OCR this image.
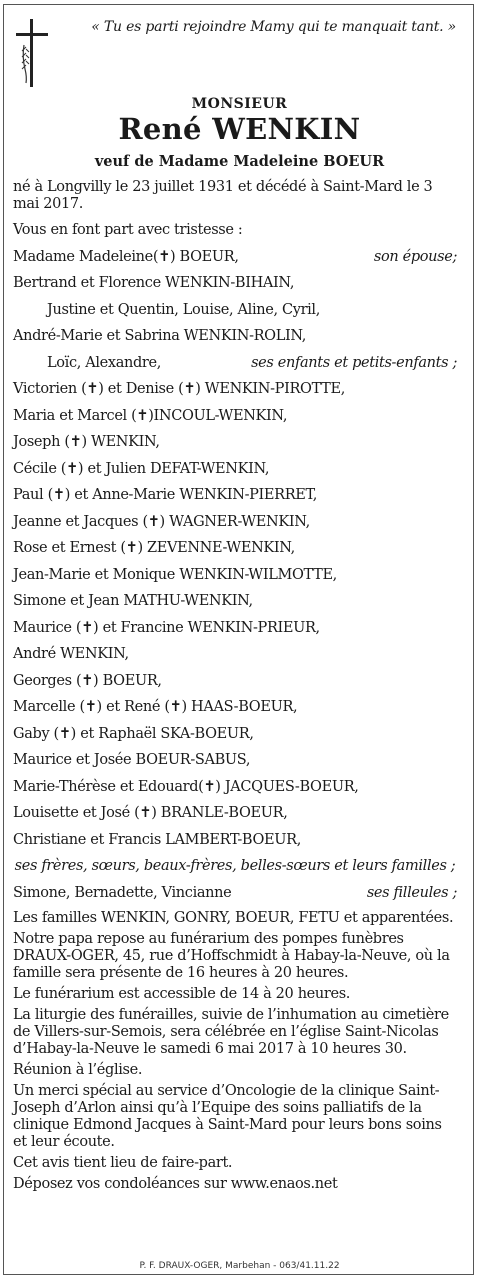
« Tu es parti rejoindre Mamy qui te manquait tant. »
MONSIEUR
René WENKIN
veuf de Madame Madeleine BOEUR

né à Longvilly le 23 juillet 1931 et décédé à Saint-Mard le 3 mai 2017.

Vous en font part avec tristesse :
Madame Madeleine(✝) BOEUR,	son épouse;
Bertrand et Florence WENKIN-BIHAIN,
Justine et Quentin, Louise, Aline, Cyril,
André-Marie et Sabrina WENKIN-ROLIN,
Loïc, Alexandre,	ses enfants et petits-enfants ;
Victorien (✝) et Denise (✝) WENKIN-PIROTTE,
Maria et Marcel (✝)INCOUL-WENKIN,
Joseph (✝) WENKIN,
Cécile (✝) et Julien DEFAT-WENKIN,
Paul (✝) et Anne-Marie WENKIN-PIERRET,
Jeanne et Jacques (✝) WAGNER-WENKIN,
Rose et Ernest (✝) ZEVENNE-WENKIN,
Jean-Marie et Monique WENKIN-WILMOTTE,
Simone et Jean MATHU-WENKIN,
Maurice (✝) et Francine WENKIN-PRIEUR,
André WENKIN,
Georges (✝) BOEUR,
Marcelle (✝) et René (✝) HAAS-BOEUR,
Gaby (✝) et Raphaël SKA-BOEUR,
Maurice et Josée BOEUR-SABUS,
Marie-Thérèse et Edouard(✝) JACQUES-BOEUR,
Louisette et José (✝) BRANLE-BOEUR,
Christiane et Francis LAMBERT-BOEUR,
ses frères, sœurs, beaux-frères, belles-sœurs et leurs familles ;
Simone, Bernadette, Vincianne	ses filleules ;

Les familles WENKIN, GONRY, BOEUR, FETU et apparentées.

Notre papa repose au funérarium des pompes funèbres DRAUX-OGER, 45, rue d’Hoffschmidt à Habay-la-Neuve, où la famille sera présente de 16 heures à 20 heures.

Le funérarium est accessible de 14 à 20 heures.

La liturgie des funérailles, suivie de l’inhumation au cimetière de Villers-sur-Semois, sera célébrée en l’église Saint-Nicolas d’Habay-la-Neuve le samedi 6 mai 2017 à 10 heures 30.

Réunion à l’église.

Un merci spécial au service d’Oncologie de la clinique Saint-Joseph d’Arlon ainsi qu’à l’Equipe des soins palliatifs de la clinique Edmond Jacques à Saint-Mard pour leurs bons soins et leur écoute.

Cet avis tient lieu de faire-part.

Déposez vos condoléances sur www.enaos.net

P. F. DRAUX-OGER, Marbehan - 063/41.11.22
